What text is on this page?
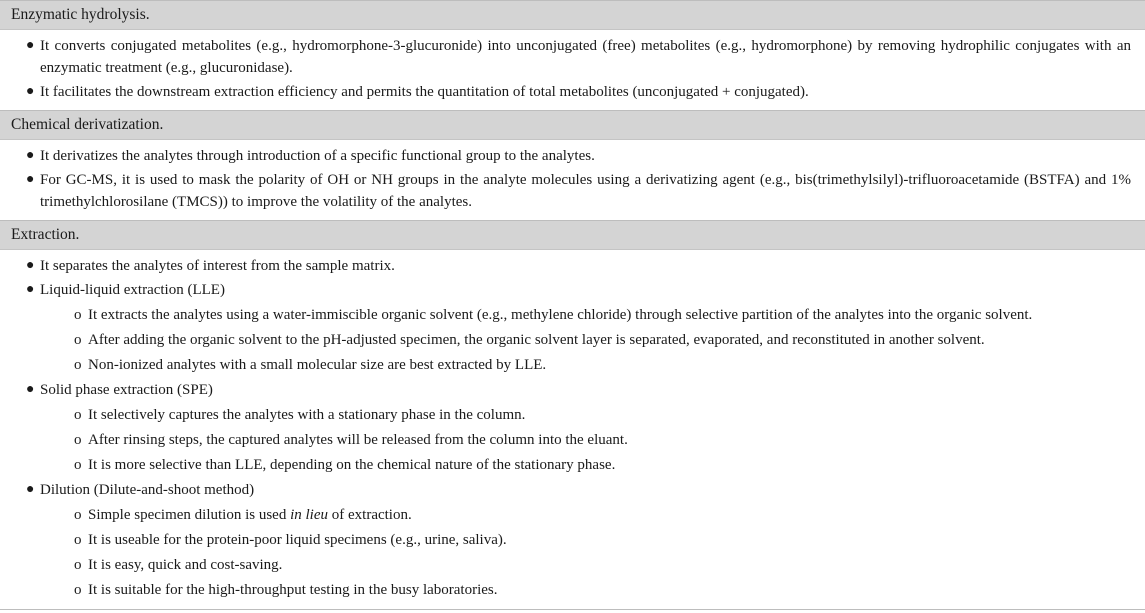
Enzymatic hydrolysis.
● It converts conjugated metabolites (e.g., hydromorphone-3-glucuronide) into unconjugated (free) metabolites (e.g., hydromorphone) by removing hydrophilic conjugates with an enzymatic treatment (e.g., glucuronidase).
● It facilitates the downstream extraction efficiency and permits the quantitation of total metabolites (unconjugated + conjugated).
Chemical derivatization.
● It derivatizes the analytes through introduction of a specific functional group to the analytes.
● For GC-MS, it is used to mask the polarity of OH or NH groups in the analyte molecules using a derivatizing agent (e.g., bis(trimethylsilyl)-trifluoroacetamide (BSTFA) and 1% trimethylchlorosilane (TMCS)) to improve the volatility of the analytes.
Extraction.
● It separates the analytes of interest from the sample matrix.
● Liquid-liquid extraction (LLE)
o It extracts the analytes using a water-immiscible organic solvent (e.g., methylene chloride) through selective partition of the analytes into the organic solvent.
o After adding the organic solvent to the pH-adjusted specimen, the organic solvent layer is separated, evaporated, and reconstituted in another solvent.
o Non-ionized analytes with a small molecular size are best extracted by LLE.
● Solid phase extraction (SPE)
o It selectively captures the analytes with a stationary phase in the column.
o After rinsing steps, the captured analytes will be released from the column into the eluant.
o It is more selective than LLE, depending on the chemical nature of the stationary phase.
● Dilution (Dilute-and-shoot method)
o Simple specimen dilution is used in lieu of extraction.
o It is useable for the protein-poor liquid specimens (e.g., urine, saliva).
o It is easy, quick and cost-saving.
o It is suitable for the high-throughput testing in the busy laboratories.
